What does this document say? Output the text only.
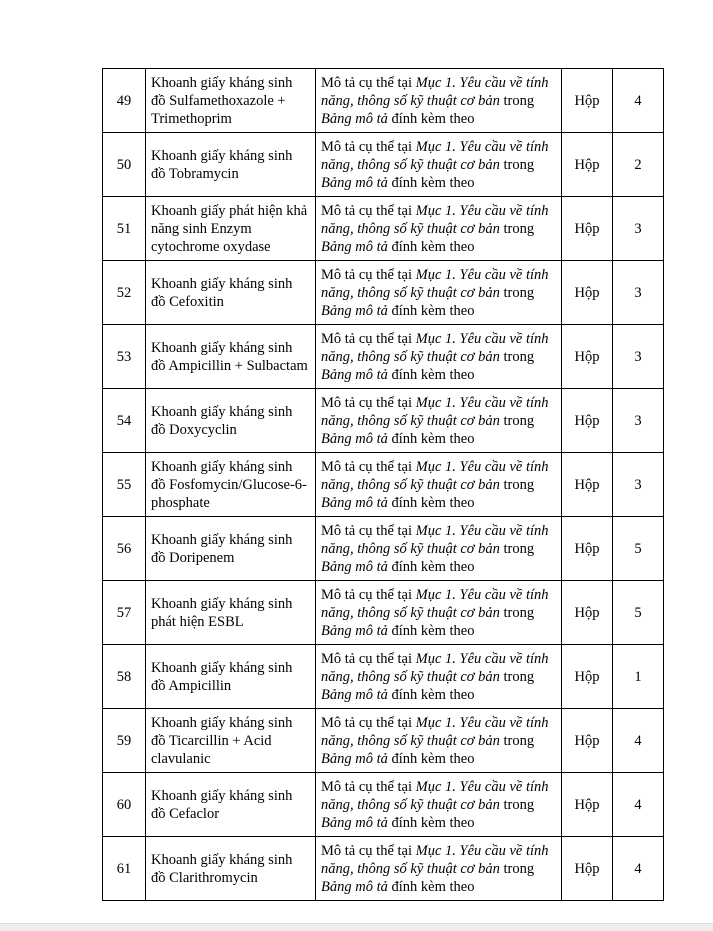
49	Khoanh giấy kháng sinh đồ Sulfamethoxazole + Trimethoprim	Mô tả cụ thể tại Mục 1. Yêu cầu về tính năng, thông số kỹ thuật cơ bản trong Bảng mô tả đính kèm theo	Hộp	4
50	Khoanh giấy kháng sinh đồ Tobramycin	Mô tả cụ thể tại Mục 1. Yêu cầu về tính năng, thông số kỹ thuật cơ bản trong Bảng mô tả đính kèm theo	Hộp	2
51	Khoanh giấy phát hiện khả năng sinh Enzym cytochrome oxydase	Mô tả cụ thể tại Mục 1. Yêu cầu về tính năng, thông số kỹ thuật cơ bản trong Bảng mô tả đính kèm theo	Hộp	3
52	Khoanh giấy kháng sinh đồ Cefoxitin	Mô tả cụ thể tại Mục 1. Yêu cầu về tính năng, thông số kỹ thuật cơ bản trong Bảng mô tả đính kèm theo	Hộp	3
53	Khoanh giấy kháng sinh đồ Ampicillin + Sulbactam	Mô tả cụ thể tại Mục 1. Yêu cầu về tính năng, thông số kỹ thuật cơ bản trong Bảng mô tả đính kèm theo	Hộp	3
54	Khoanh giấy kháng sinh đồ Doxycyclin	Mô tả cụ thể tại Mục 1. Yêu cầu về tính năng, thông số kỹ thuật cơ bản trong Bảng mô tả đính kèm theo	Hộp	3
55	Khoanh giấy kháng sinh đồ Fosfomycin/Glucose-6-phosphate	Mô tả cụ thể tại Mục 1. Yêu cầu về tính năng, thông số kỹ thuật cơ bản trong Bảng mô tả đính kèm theo	Hộp	3
56	Khoanh giấy kháng sinh đồ Doripenem	Mô tả cụ thể tại Mục 1. Yêu cầu về tính năng, thông số kỹ thuật cơ bản trong Bảng mô tả đính kèm theo	Hộp	5
57	Khoanh giấy kháng sinh phát hiện ESBL	Mô tả cụ thể tại Mục 1. Yêu cầu về tính năng, thông số kỹ thuật cơ bản trong Bảng mô tả đính kèm theo	Hộp	5
58	Khoanh giấy kháng sinh đồ Ampicillin	Mô tả cụ thể tại Mục 1. Yêu cầu về tính năng, thông số kỹ thuật cơ bản trong Bảng mô tả đính kèm theo	Hộp	1
59	Khoanh giấy kháng sinh đồ Ticarcillin + Acid clavulanic	Mô tả cụ thể tại Mục 1. Yêu cầu về tính năng, thông số kỹ thuật cơ bản trong Bảng mô tả đính kèm theo	Hộp	4
60	Khoanh giấy kháng sinh đồ Cefaclor	Mô tả cụ thể tại Mục 1. Yêu cầu về tính năng, thông số kỹ thuật cơ bản trong Bảng mô tả đính kèm theo	Hộp	4
61	Khoanh giấy kháng sinh đồ Clarithromycin	Mô tả cụ thể tại Mục 1. Yêu cầu về tính năng, thông số kỹ thuật cơ bản trong Bảng mô tả đính kèm theo	Hộp	4
